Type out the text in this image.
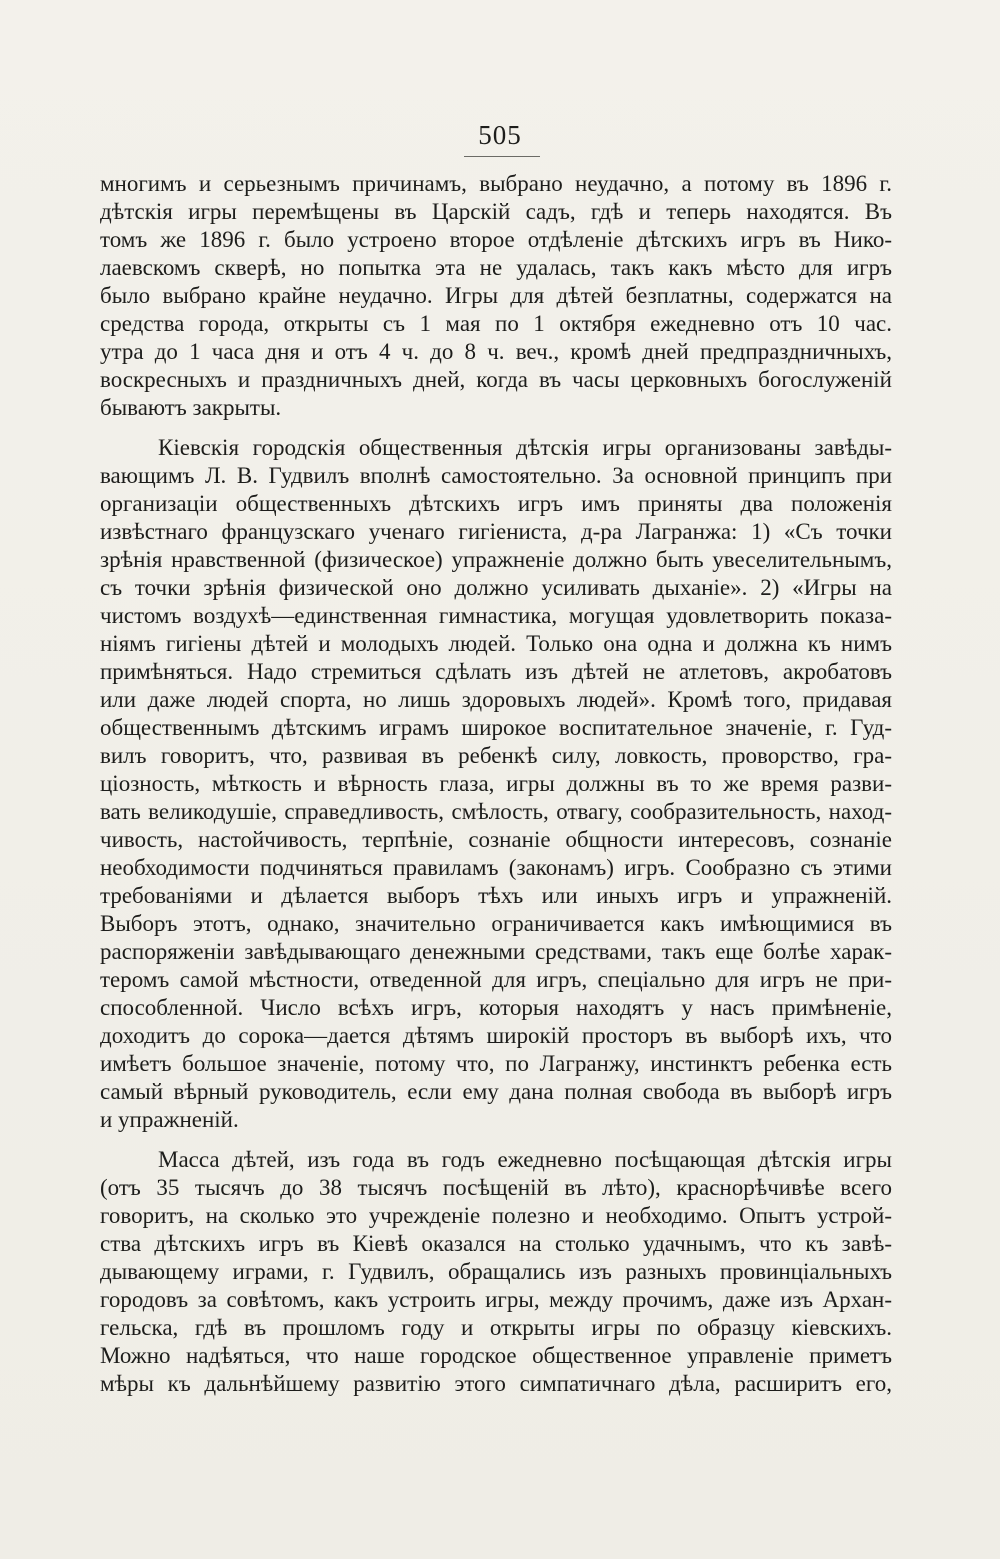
505
многимъ и серьезнымъ причинамъ, выбрано неудачно, а потому въ 1896 г.
дѣтскія игры перемѣщены въ Царскій садъ, гдѣ и теперь находятся. Въ
томъ же 1896 г. было устроено второе отдѣленіе дѣтскихъ игръ въ Нико-
лаевскомъ скверѣ, но попытка эта не удалась, такъ какъ мѣсто для игръ
было выбрано крайне неудачно. Игры для дѣтей безплатны, содержатся на
средства города, открыты съ 1 мая по 1 октября ежедневно отъ 10 час.
утра до 1 часа дня и отъ 4 ч. до 8 ч. веч., кромѣ дней предпраздничныхъ,
воскресныхъ и праздничныхъ дней, когда въ часы церковныхъ богослуженій
бываютъ закрыты.
Кіевскія городскія общественныя дѣтскія игры организованы завѣды-
вающимъ Л. В. Гудвилъ вполнѣ самостоятельно. За основной принципъ при
организаціи общественныхъ дѣтскихъ игръ имъ приняты два положенія
извѣстнаго французскаго ученаго гигіениста, д-ра Лагранжа: 1) «Съ точки
зрѣнія нравственной (физическое) упражненіе должно быть увеселительнымъ,
съ точки зрѣнія физической оно должно усиливать дыханіе». 2) «Игры на
чистомъ воздухѣ—единственная гимнастика, могущая удовлетворить показа-
ніямъ гигіены дѣтей и молодыхъ людей. Только она одна и должна къ нимъ
примѣняться. Надо стремиться сдѣлать изъ дѣтей не атлетовъ, акробатовъ
или даже людей спорта, но лишь здоровыхъ людей». Кромѣ того, придавая
общественнымъ дѣтскимъ играмъ широкое воспитательное значеніе, г. Гуд-
вилъ говоритъ, что, развивая въ ребенкѣ силу, ловкость, проворство, гра-
ціозность, мѣткость и вѣрность глаза, игры должны въ то же время разви-
вать великодушіе, справедливость, смѣлость, отвагу, сообразительность, наход-
чивость, настойчивость, терпѣніе, сознаніе общности интересовъ, сознаніе
необходимости подчиняться правиламъ (законамъ) игръ. Сообразно съ этими
требованіями и дѣлается выборъ тѣхъ или иныхъ игръ и упражненій.
Выборъ этотъ, однако, значительно ограничивается какъ имѣющимися въ
распоряженіи завѣдывающаго денежными средствами, такъ еще болѣе харак-
теромъ самой мѣстности, отведенной для игръ, спеціально для игръ не при-
способленной. Число всѣхъ игръ, которыя находятъ у насъ примѣненіе,
доходитъ до сорока—дается дѣтямъ широкій просторъ въ выборѣ ихъ, что
имѣетъ большое значеніе, потому что, по Лагранжу, инстинктъ ребенка есть
самый вѣрный руководитель, если ему дана полная свобода въ выборѣ игръ
и упражненій.
Масса дѣтей, изъ года въ годъ ежедневно посѣщающая дѣтскія игры
(отъ 35 тысячъ до 38 тысячъ посѣщеній въ лѣто), краснорѣчивѣе всего
говоритъ, на сколько это учрежденіе полезно и необходимо. Опытъ устрой-
ства дѣтскихъ игръ въ Кіевѣ оказался на столько удачнымъ, что къ завѣ-
дывающему играми, г. Гудвилъ, обращались изъ разныхъ провинціальныхъ
городовъ за совѣтомъ, какъ устроить игры, между прочимъ, даже изъ Архан-
гельска, гдѣ въ прошломъ году и открыты игры по образцу кіевскихъ.
Можно надѣяться, что наше городское общественное управленіе приметъ
мѣры къ дальнѣйшему развитію этого симпатичнаго дѣла, расширитъ его,
